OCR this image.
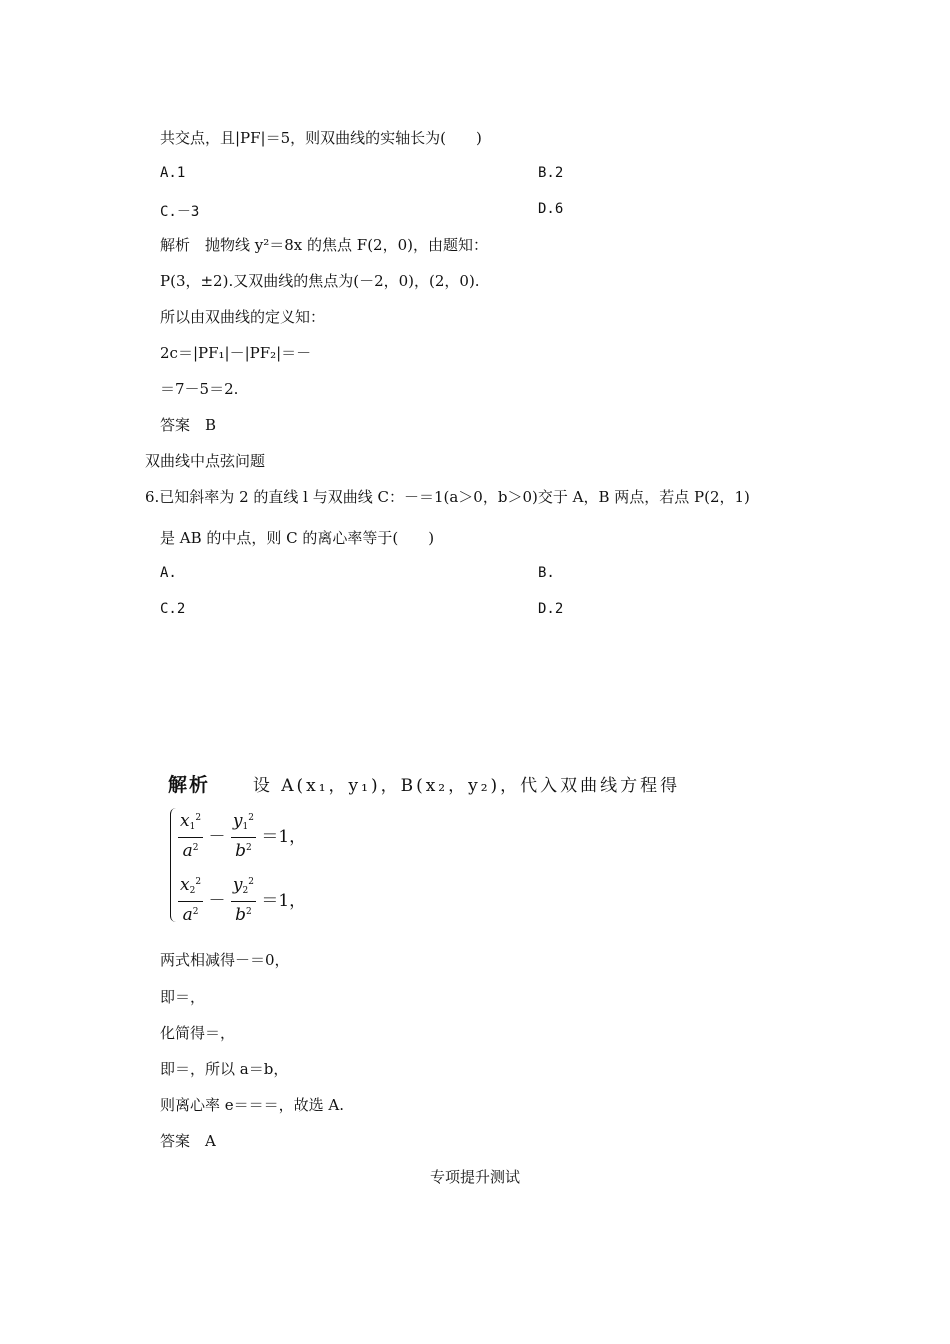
共交点，且|PF|＝5，则双曲线的实轴长为(　　)
A.1	B.2
C.－3	D.6
解析　抛物线 y²＝8x 的焦点 F(2，0)，由题知：
P(3，±2).又双曲线的焦点为(－2，0)，(2，0).
所以由双曲线的定义知：
2c＝|PF₁|－|PF₂|＝－
＝7－5＝2.
答案　B
双曲线中点弦问题
6.已知斜率为 2 的直线 l 与双曲线 C：－＝1(a＞0，b＞0)交于 A，B 两点，若点 P(2，1)
是 AB 的中点，则 C 的离心率等于(　　)
A.	B.
C.2	D.2
解析	设 A(x₁，y₁)，B(x₂，y₂)，代入双曲线方程得
$\frac{x_1^2}{a^2} - \frac{y_1^2}{b^2} =1$，
$\frac{x_2^2}{a^2} - \frac{y_2^2}{b^2} =1$，
两式相减得－＝0，
即＝，
化简得＝，
即＝，所以 a＝b，
则离心率 e＝＝＝，故选 A.
答案　A
专项提升测试
